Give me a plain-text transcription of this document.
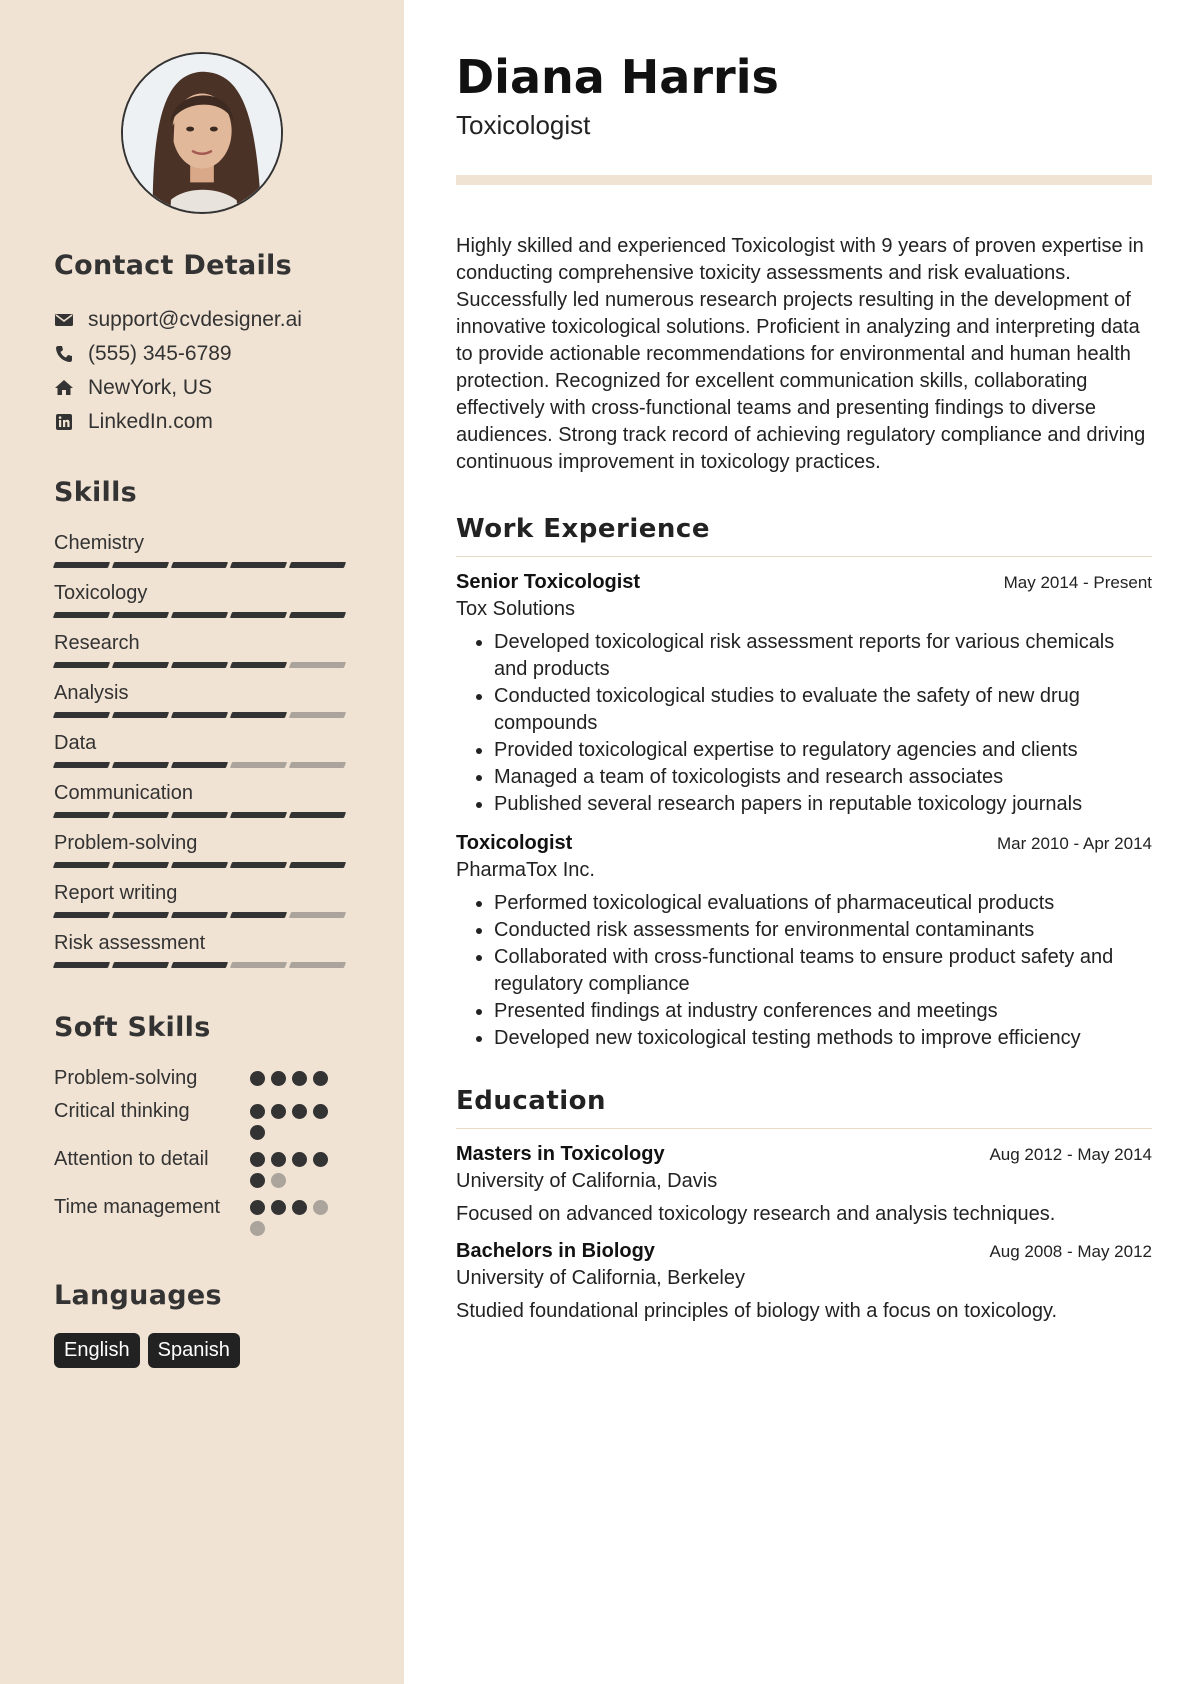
Contact Details
support@cvdesigner.ai
(555) 345-6789
NewYork, US
LinkedIn.com
Skills
Chemistry
Toxicology
Research
Analysis
Data
Communication
Problem-solving
Report writing
Risk assessment
Soft Skills
Problem-solving
Critical thinking
Attention to detail
Time management
Languages
English	Spanish
Diana Harris
Toxicologist

Highly skilled and experienced Toxicologist with 9 years of proven expertise in conducting comprehensive toxicity assessments and risk evaluations. Successfully led numerous research projects resulting in the development of innovative toxicological solutions. Proficient in analyzing and interpreting data to provide actionable recommendations for environmental and human health protection. Recognized for excellent communication skills, collaborating effectively with cross-functional teams and presenting findings to diverse audiences. Strong track record of achieving regulatory compliance and driving continuous improvement in toxicology practices.

Work Experience
Senior Toxicologist	May 2014 - Present
Tox Solutions
• Developed toxicological risk assessment reports for various chemicals and products
• Conducted toxicological studies to evaluate the safety of new drug compounds
• Provided toxicological expertise to regulatory agencies and clients
• Managed a team of toxicologists and research associates
• Published several research papers in reputable toxicology journals
Toxicologist	Mar 2010 - Apr 2014
PharmaTox Inc.
• Performed toxicological evaluations of pharmaceutical products
• Conducted risk assessments for environmental contaminants
• Collaborated with cross-functional teams to ensure product safety and regulatory compliance
• Presented findings at industry conferences and meetings
• Developed new toxicological testing methods to improve efficiency
Education
Masters in Toxicology	Aug 2012 - May 2014
University of California, Davis
Focused on advanced toxicology research and analysis techniques.
Bachelors in Biology	Aug 2008 - May 2012
University of California, Berkeley
Studied foundational principles of biology with a focus on toxicology.
